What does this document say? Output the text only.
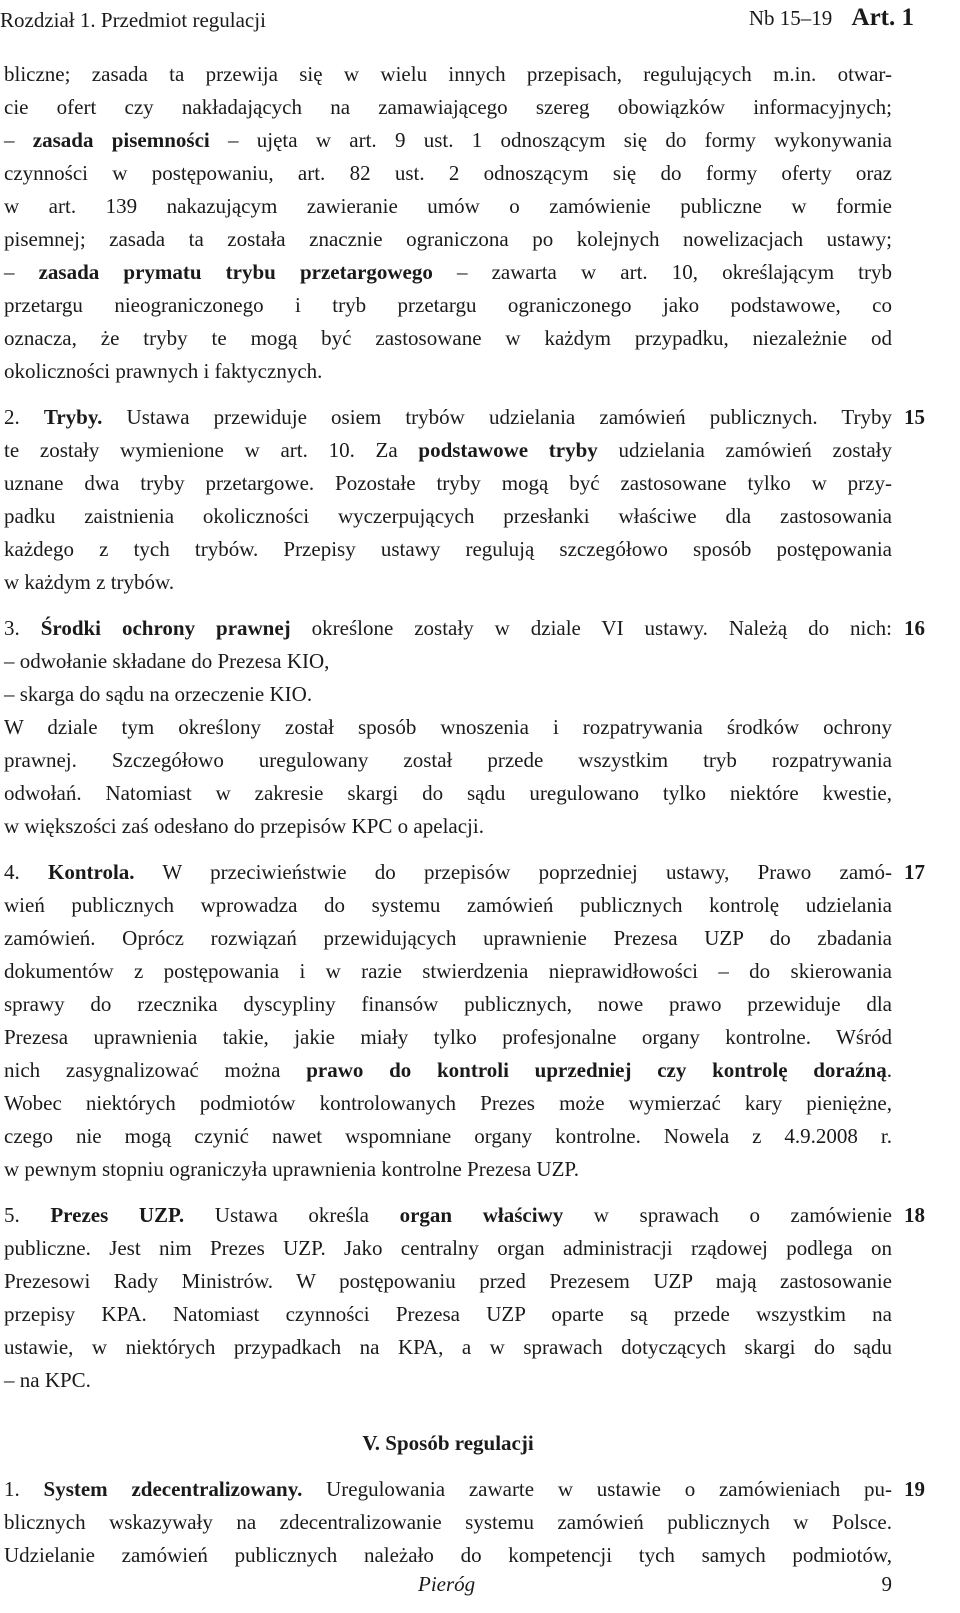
Rozdział 1. Przedmiot regulacji	Nb 15–19 Art. 1
bliczne; zasada ta przewija się w wielu innych przepisach, regulujących m.in. otwar-
cie ofert czy nakładających na zamawiającego szereg obowiązków informacyjnych;
– zasada pisemności – ujęta w art. 9 ust. 1 odnoszącym się do formy wykonywania
czynności w postępowaniu, art. 82 ust. 2 odnoszącym się do formy oferty oraz
w art. 139 nakazującym zawieranie umów o zamówienie publiczne w formie
pisemnej; zasada ta została znacznie ograniczona po kolejnych nowelizacjach ustawy;
– zasada prymatu trybu przetargowego – zawarta w art. 10, określającym tryb
przetargu nieograniczonego i tryb przetargu ograniczonego jako podstawowe, co
oznacza, że tryby te mogą być zastosowane w każdym przypadku, niezależnie od
okoliczności prawnych i faktycznych.
2. Tryby. Ustawa przewiduje osiem trybów udzielania zamówień publicznych. Tryby 15
te zostały wymienione w art. 10. Za podstawowe tryby udzielania zamówień zostały
uznane dwa tryby przetargowe. Pozostałe tryby mogą być zastosowane tylko w przy-
padku zaistnienia okoliczności wyczerpujących przesłanki właściwe dla zastosowania
każdego z tych trybów. Przepisy ustawy regulują szczegółowo sposób postępowania
w każdym z trybów.
3. Środki ochrony prawnej określone zostały w dziale VI ustawy. Należą do nich: 16
– odwołanie składane do Prezesa KIO,
– skarga do sądu na orzeczenie KIO.
W dziale tym określony został sposób wnoszenia i rozpatrywania środków ochrony
prawnej. Szczegółowo uregulowany został przede wszystkim tryb rozpatrywania
odwołań. Natomiast w zakresie skargi do sądu uregulowano tylko niektóre kwestie,
w większości zaś odesłano do przepisów KPC o apelacji.
4. Kontrola. W przeciwieństwie do przepisów poprzedniej ustawy, Prawo zamó- 17
wień publicznych wprowadza do systemu zamówień publicznych kontrolę udzielania
zamówień. Oprócz rozwiązań przewidujących uprawnienie Prezesa UZP do zbadania
dokumentów z postępowania i w razie stwierdzenia nieprawidłowości – do skierowania
sprawy do rzecznika dyscypliny finansów publicznych, nowe prawo przewiduje dla
Prezesa uprawnienia takie, jakie miały tylko profesjonalne organy kontrolne. Wśród
nich zasygnalizować można prawo do kontroli uprzedniej czy kontrolę doraźną.
Wobec niektórych podmiotów kontrolowanych Prezes może wymierzać kary pieniężne,
czego nie mogą czynić nawet wspomniane organy kontrolne. Nowela z 4.9.2008 r.
w pewnym stopniu ograniczyła uprawnienia kontrolne Prezesa UZP.
5. Prezes UZP. Ustawa określa organ właściwy w sprawach o zamówienie 18
publiczne. Jest nim Prezes UZP. Jako centralny organ administracji rządowej podlega on
Prezesowi Rady Ministrów. W postępowaniu przed Prezesem UZP mają zastosowanie
przepisy KPA. Natomiast czynności Prezesa UZP oparte są przede wszystkim na
ustawie, w niektórych przypadkach na KPA, a w sprawach dotyczących skargi do sądu
– na KPC.
V. Sposób regulacji
1. System zdecentralizowany. Uregulowania zawarte w ustawie o zamówieniach pu- 19
blicznych wskazywały na zdecentralizowanie systemu zamówień publicznych w Polsce.
Udzielanie zamówień publicznych należało do kompetencji tych samych podmiotów,
Pieróg	9
